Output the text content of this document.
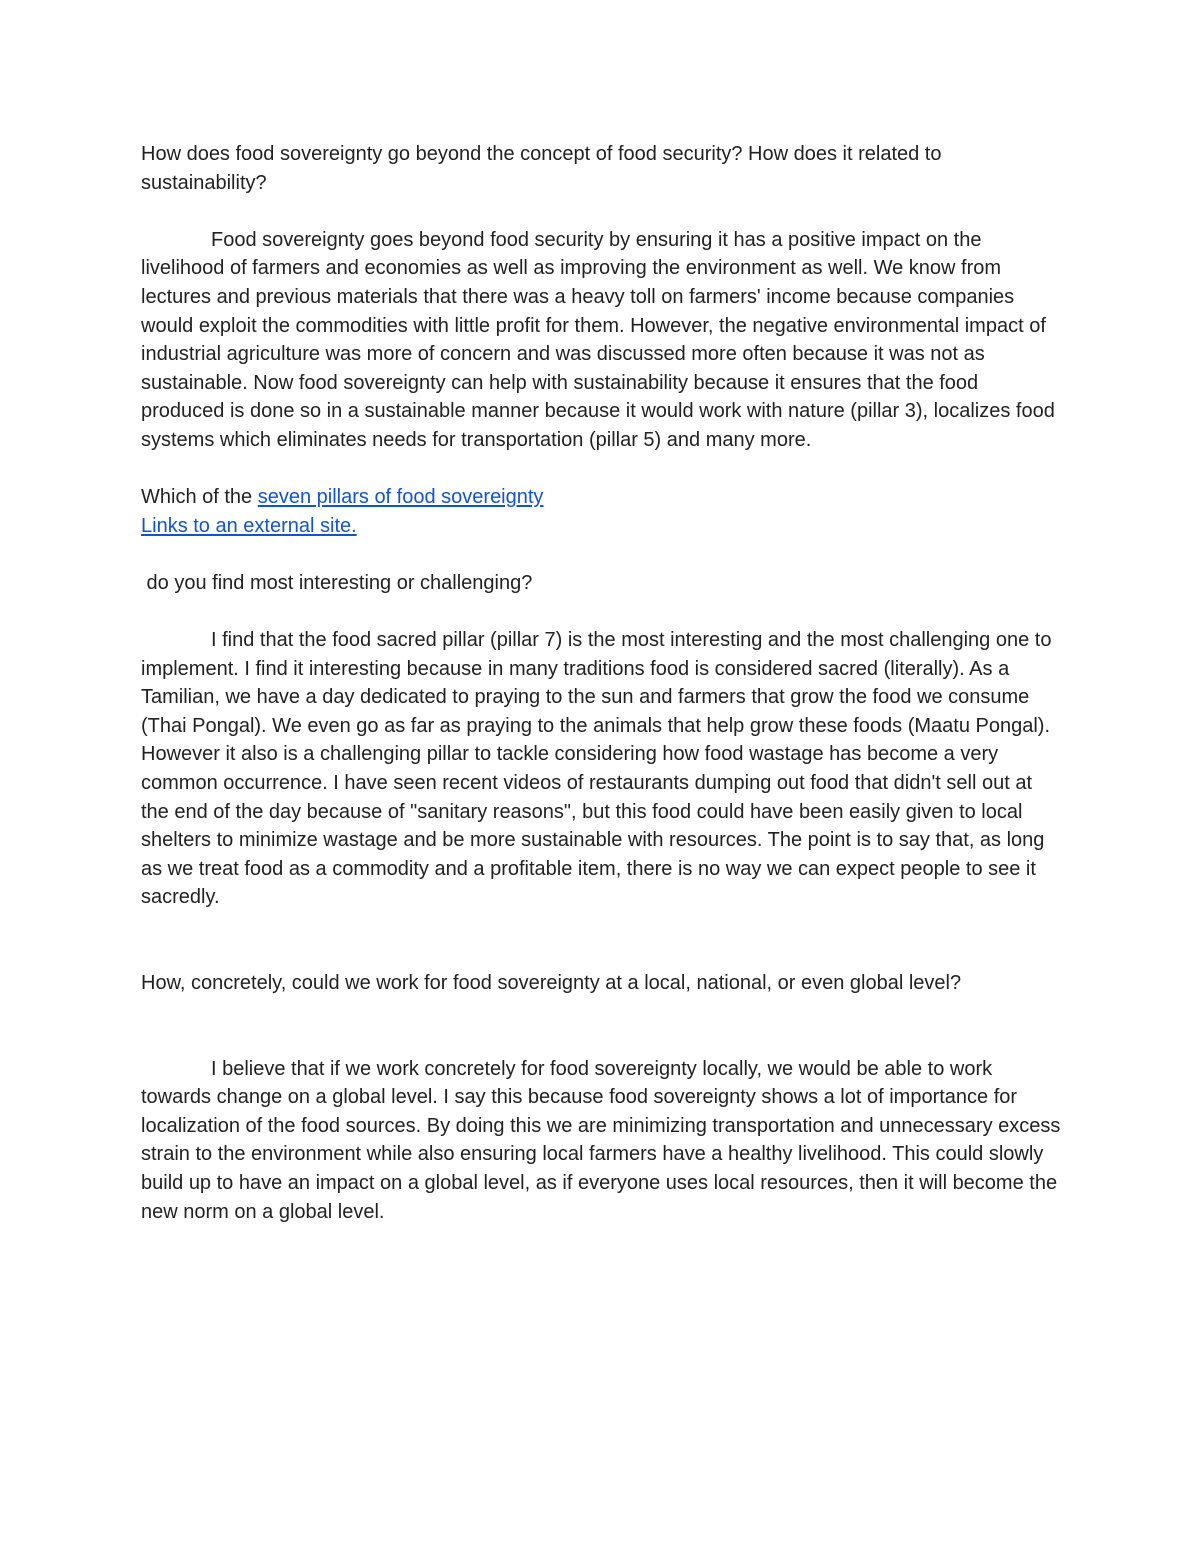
How does food sovereignty go beyond the concept of food security? How does it related to sustainability?

Food sovereignty goes beyond food security by ensuring it has a positive impact on the livelihood of farmers and economies as well as improving the environment as well. We know from lectures and previous materials that there was a heavy toll on farmers' income because companies would exploit the commodities with little profit for them. However, the negative environmental impact of industrial agriculture was more of concern and was discussed more often because it was not as sustainable. Now food sovereignty can help with sustainability because it ensures that the food produced is done so in a sustainable manner because it would work with nature (pillar 3), localizes food systems which eliminates needs for transportation (pillar 5) and many more.

Which of the seven pillars of food sovereignty

Links to an external site.

do you find most interesting or challenging?

I find that the food sacred pillar (pillar 7) is the most interesting and the most challenging one to implement. I find it interesting because in many traditions food is considered sacred (literally). As a Tamilian, we have a day dedicated to praying to the sun and farmers that grow the food we consume (Thai Pongal). We even go as far as praying to the animals that help grow these foods (Maatu Pongal). However it also is a challenging pillar to tackle considering how food wastage has become a very common occurrence. I have seen recent videos of restaurants dumping out food that didn't sell out at the end of the day because of "sanitary reasons", but this food could have been easily given to local shelters to minimize wastage and be more sustainable with resources. The point is to say that, as long as we treat food as a commodity and a profitable item, there is no way we can expect people to see it sacredly.

How, concretely, could we work for food sovereignty at a local, national, or even global level?

I believe that if we work concretely for food sovereignty locally, we would be able to work towards change on a global level. I say this because food sovereignty shows a lot of importance for localization of the food sources. By doing this we are minimizing transportation and unnecessary excess strain to the environment while also ensuring local farmers have a healthy livelihood. This could slowly build up to have an impact on a global level, as if everyone uses local resources, then it will become the new norm on a global level.
